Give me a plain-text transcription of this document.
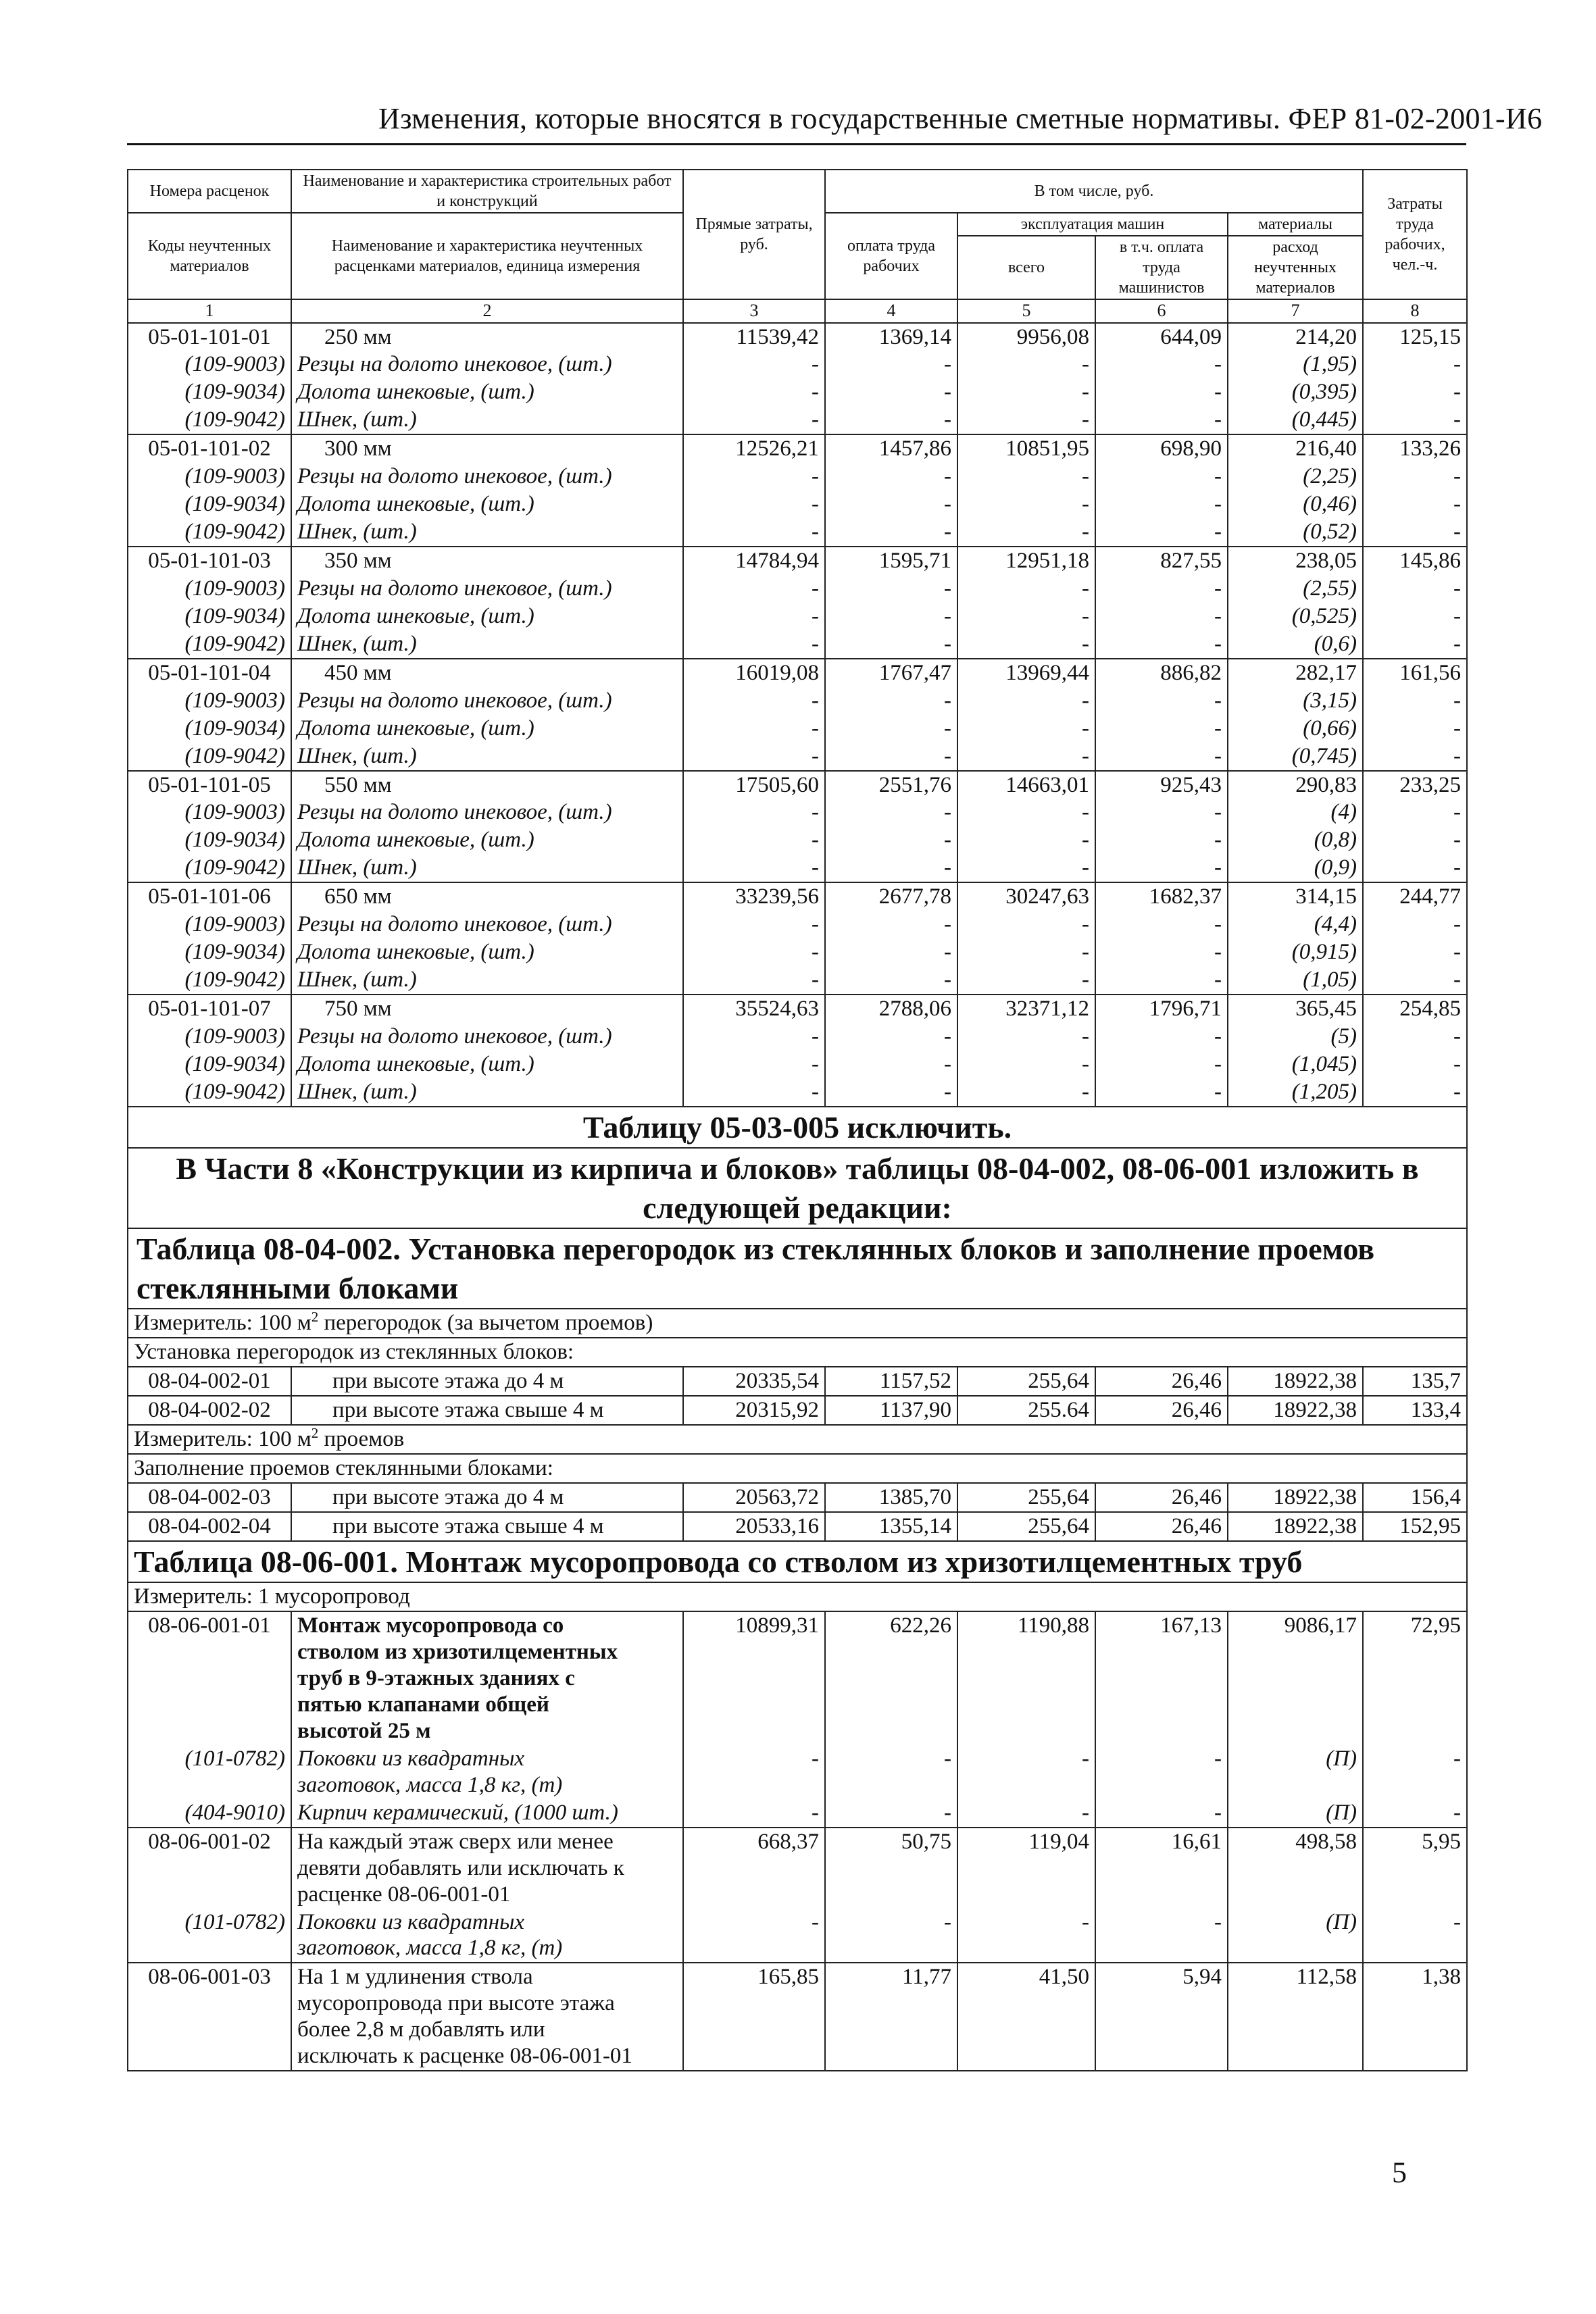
Изменения, которые вносятся в государственные сметные нормативы. ФЕР 81-02-2001-И6
Номера расценок	Наименование и характеристика строительных работ и конструкций	Прямые затраты, руб.	В том числе, руб.				Затраты труда рабочих, чел.-ч.
Коды неучтенных материалов	Наименование и характеристика неучтенных расценками материалов, единица измерения		оплата труда рабочих	эксплуатация машин		материалы	
				всего	в т.ч. оплата труда машинистов	расход неучтенных материалов	
1	2	3	4	5	6	7	8
05-01-101-01	250 мм	11539,42	1369,14	9956,08	644,09	214,20	125,15
(109-9003)	Резцы на долото инековое, (шт.)	-	-	-	-	(1,95)	-
(109-9034)	Долота шнековые, (шт.)	-	-	-	-	(0,395)	-
(109-9042)	Шнек, (шт.)	-	-	-	-	(0,445)	-
05-01-101-02	300 мм	12526,21	1457,86	10851,95	698,90	216,40	133,26
(109-9003)	Резцы на долото инековое, (шт.)	-	-	-	-	(2,25)	-
(109-9034)	Долота шнековые, (шт.)	-	-	-	-	(0,46)	-
(109-9042)	Шнек, (шт.)	-	-	-	-	(0,52)	-
05-01-101-03	350 мм	14784,94	1595,71	12951,18	827,55	238,05	145,86
(109-9003)	Резцы на долото инековое, (шт.)	-	-	-	-	(2,55)	-
(109-9034)	Долота шнековые, (шт.)	-	-	-	-	(0,525)	-
(109-9042)	Шнек, (шт.)	-	-	-	-	(0,6)	-
05-01-101-04	450 мм	16019,08	1767,47	13969,44	886,82	282,17	161,56
(109-9003)	Резцы на долото инековое, (шт.)	-	-	-	-	(3,15)	-
(109-9034)	Долота шнековые, (шт.)	-	-	-	-	(0,66)	-
(109-9042)	Шнек, (шт.)	-	-	-	-	(0,745)	-
05-01-101-05	550 мм	17505,60	2551,76	14663,01	925,43	290,83	233,25
(109-9003)	Резцы на долото инековое, (шт.)	-	-	-	-	(4)	-
(109-9034)	Долота шнековые, (шт.)	-	-	-	-	(0,8)	-
(109-9042)	Шнек, (шт.)	-	-	-	-	(0,9)	-
05-01-101-06	650 мм	33239,56	2677,78	30247,63	1682,37	314,15	244,77
(109-9003)	Резцы на долото инековое, (шт.)	-	-	-	-	(4,4)	-
(109-9034)	Долота шнековые, (шт.)	-	-	-	-	(0,915)	-
(109-9042)	Шнек, (шт.)	-	-	-	-	(1,05)	-
05-01-101-07	750 мм	35524,63	2788,06	32371,12	1796,71	365,45	254,85
(109-9003)	Резцы на долото инековое, (шт.)	-	-	-	-	(5)	-
(109-9034)	Долота шнековые, (шт.)	-	-	-	-	(1,045)	-
(109-9042)	Шнек, (шт.)	-	-	-	-	(1,205)	-
Таблицу 05-03-005 исключить.							
В Части 8 «Конструкции из кирпича и блоков» таблицы 08-04-002, 08-06-001 изложить в следующей редакции:							
Таблица 08-04-002. Установка перегородок из стеклянных блоков и заполнение проемов стеклянными блоками							
Измеритель: 100 $м^2$ перегородок (за вычетом проемов)							
Установка перегородок из стеклянных блоков:							
08-04-002-01	при высоте этажа до 4 м	20335,54	1157,52	255,64	26,46	18922,38	135,7
08-04-002-02	при высоте этажа свыше 4 м	20315,92	1137,90	255.64	26,46	18922,38	133,4
Измеритель: 100 $м^2$ проемов							
Заполнение проемов стеклянными блоками:							
08-04-002-03	при высоте этажа до 4 м	20563,72	1385,70	255,64	26,46	18922,38	156,4
08-04-002-04	при высоте этажа свыше 4 м	20533,16	1355,14	255,64	26,46	18922,38	152,95
Таблица 08-06-001. Монтаж мусоропровода со стволом из хризотилцементных труб							
Измеритель: 1 мусоропровод							
08-06-001-01	Монтаж мусоропровода со
стволом из хризотилцементных
труб в 9-этажных зданиях с
пятью клапанами общей
высотой 25 м	10899,31	622,26	1190,88	167,13	9086,17	72,95
(101-0782)	Поковки из квадратных
заготовок, масса 1,8 кг, (т)	-	-	-	-	(П)	-
(404-9010)	Кирпич керамический, (1000 шт.)	-	-	-	-	(П)	-
08-06-001-02	На каждый этаж сверх или менее
девяти добавлять или исключать к
расценке 08-06-001-01	668,37	50,75	119,04	16,61	498,58	5,95
(101-0782)	Поковки из квадратных
заготовок, масса 1,8 кг, (т)	-	-	-	-	(П)	-
08-06-001-03	На 1 м удлинения ствола
мусоропровода при высоте этажа
более 2,8 м добавлять или
исключать к расценке 08-06-001-01	165,85	11,77	41,50	5,94	112,58	1,38
5
